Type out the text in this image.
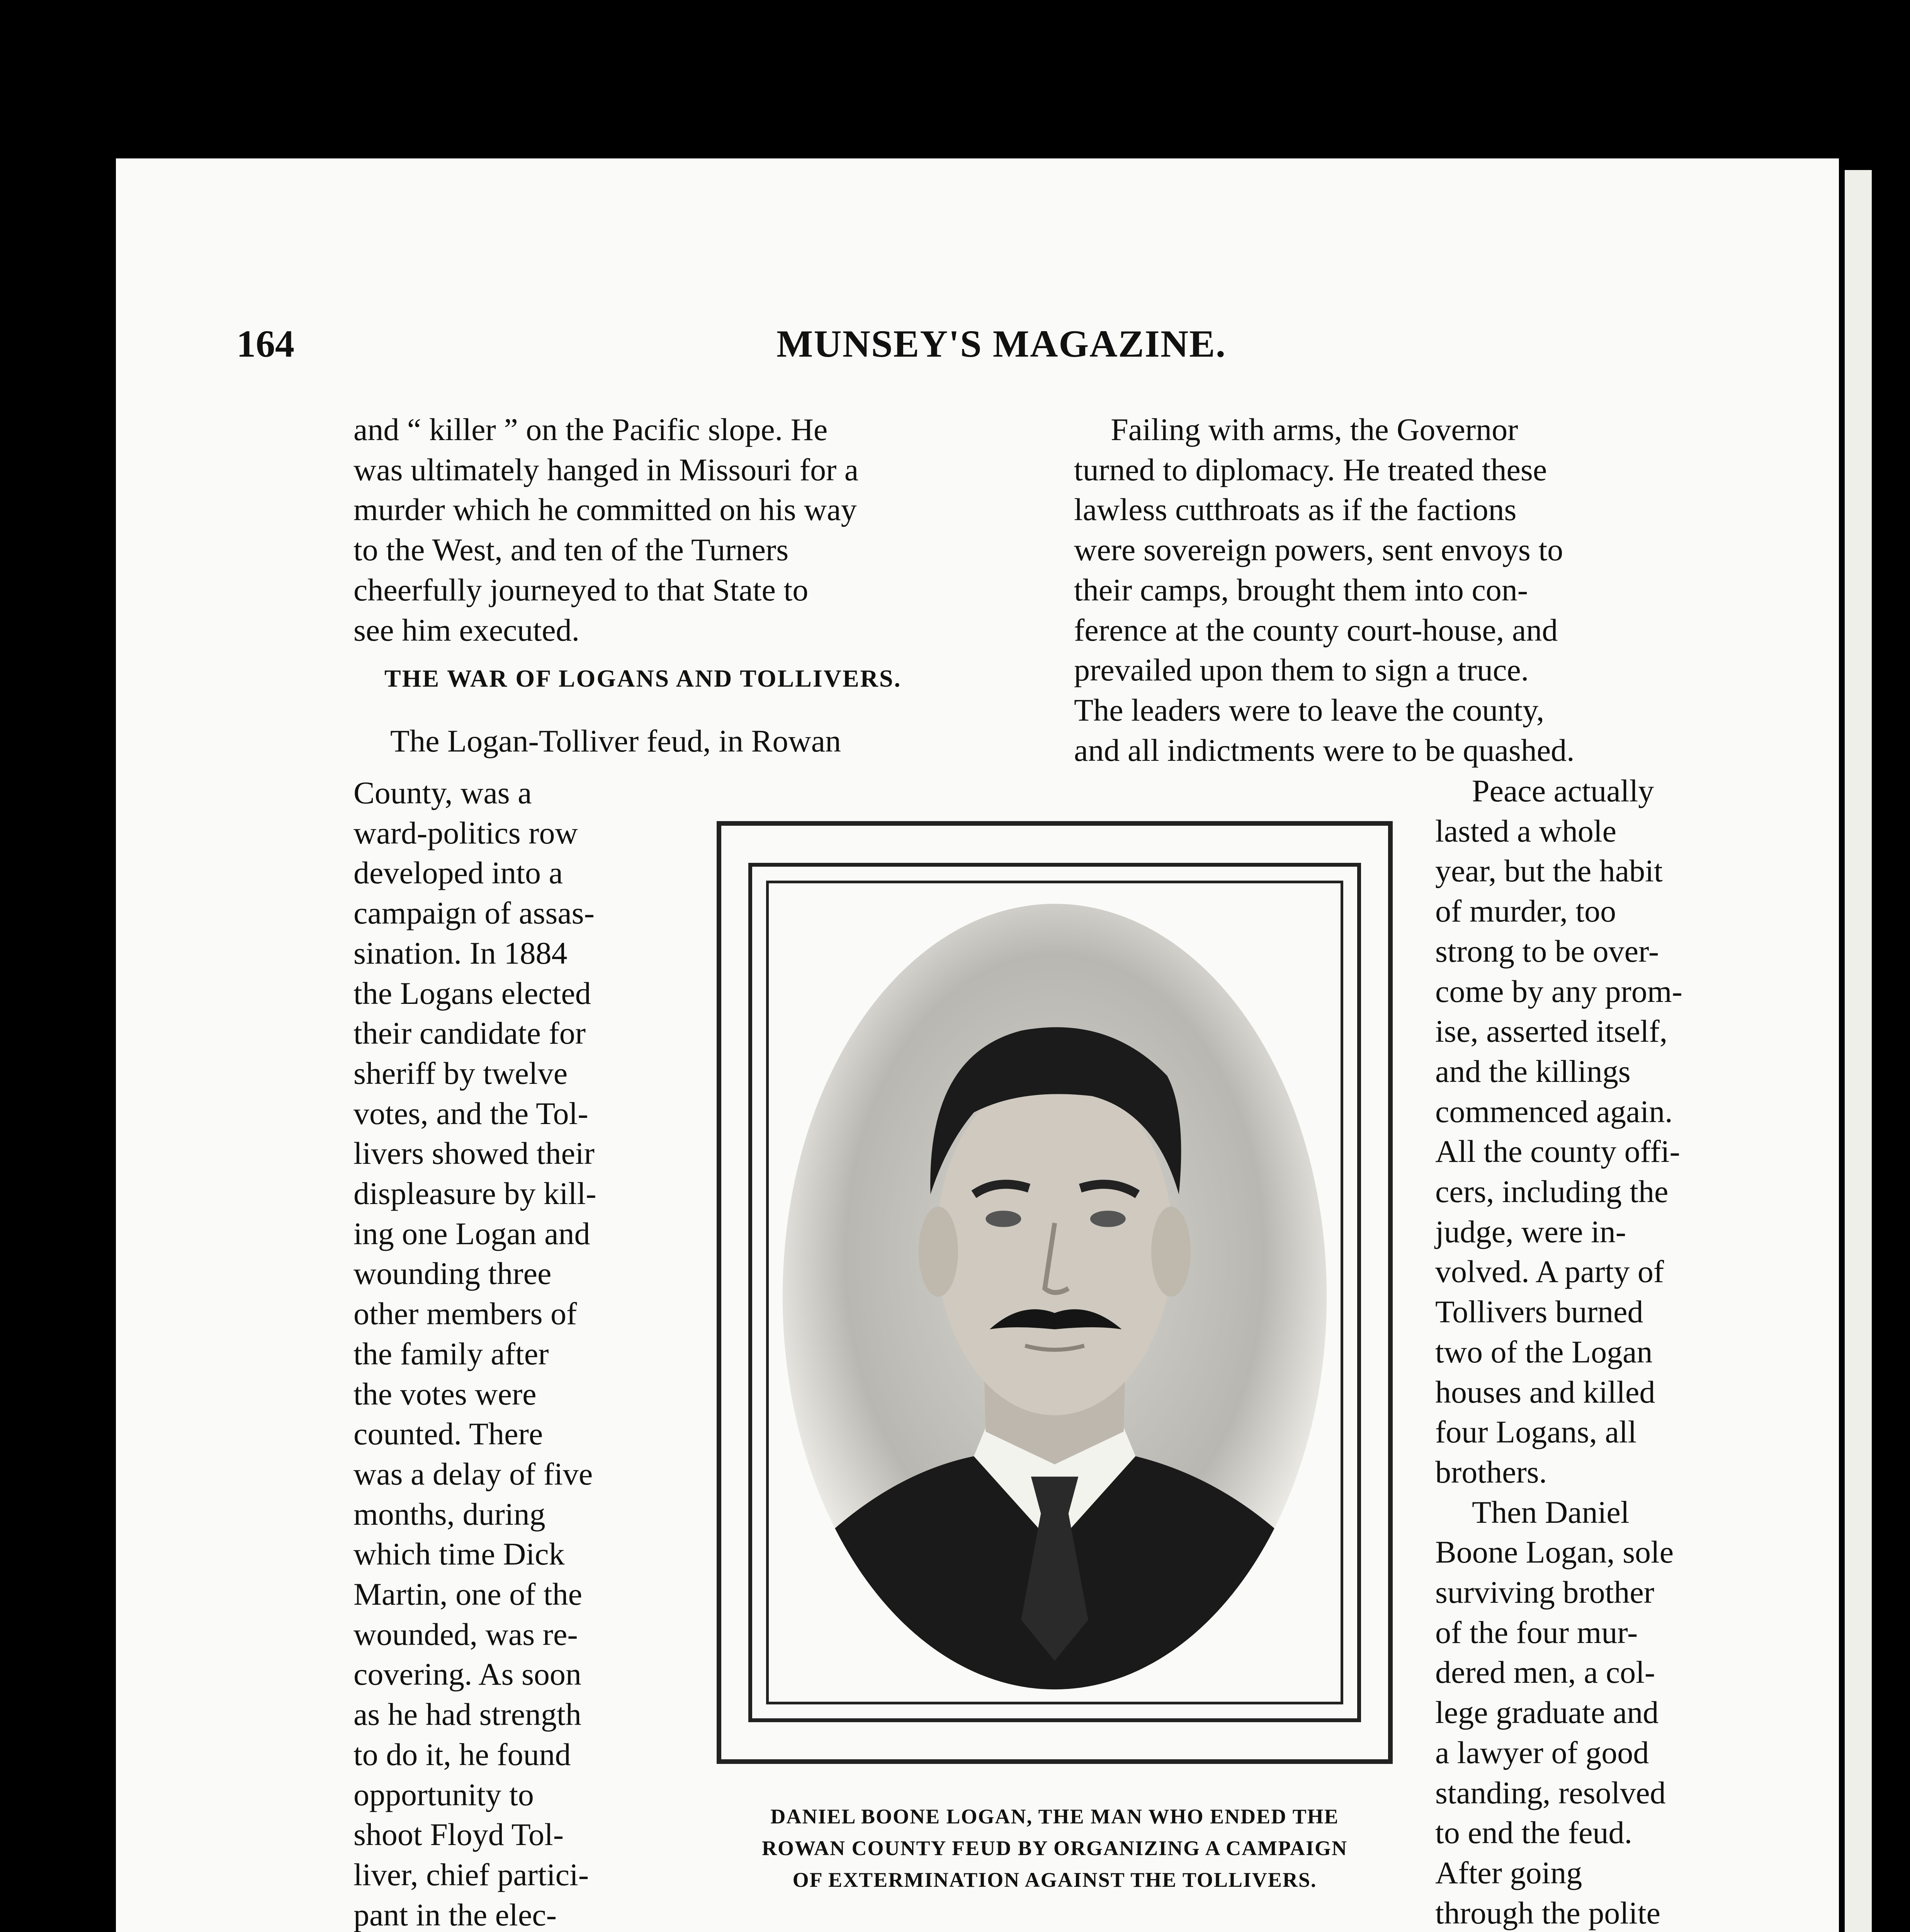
164	MUNSEY'S MAGAZINE.

and “ killer ” on the Pacific slope. He

was ultimately hanged in Missouri for a

murder which he committed on his way

to the West, and ten of the Turners

cheerfully journeyed to that State to

see him executed.

THE WAR OF LOGANS AND TOLLIVERS.

The Logan-Tolliver feud, in Rowan

County, was a

ward-politics row

developed into a

campaign of assas-

sination. In 1884

the Logans elected

their candidate for

sheriff by twelve

votes, and the Tol-

livers showed their

displeasure by kill-

ing one Logan and

wounding three

other members of

the family after

the votes were

counted. There

was a delay of five

months, during

which time Dick

Martin, one of the

wounded, was re-

covering. As soon

as he had strength

to do it, he found

opportunity to

shoot Floyd Tol-

liver, chief partici-

pant in the elec-

Failing with arms, the Governor

turned to diplomacy. He treated these

lawless cutthroats as if the factions

were sovereign powers, sent envoys to

their camps, brought them into con-

ference at the county court-house, and

prevailed upon them to sign a truce.

The leaders were to leave the county,

and all indictments were to be quashed.

Peace actually

lasted a whole

year, but the habit

of murder, too

strong to be over-

come by any prom-

ise, asserted itself,

and the killings

commenced again.

All the county offi-

cers, including the

judge, were in-

volved. A party of

Tollivers burned

two of the Logan

houses and killed

four Logans, all

brothers.

Then Daniel

Boone Logan, sole

surviving brother

of the four mur-

dered men, a col-

lege graduate and

a lawyer of good

standing, resolved

to end the feud.

After going

through the polite

DANIEL BOONE LOGAN, THE MAN WHO ENDED THE
ROWAN COUNTY FEUD BY ORGANIZING A CAMPAIGN
OF EXTERMINATION AGAINST THE TOLLIVERS.
